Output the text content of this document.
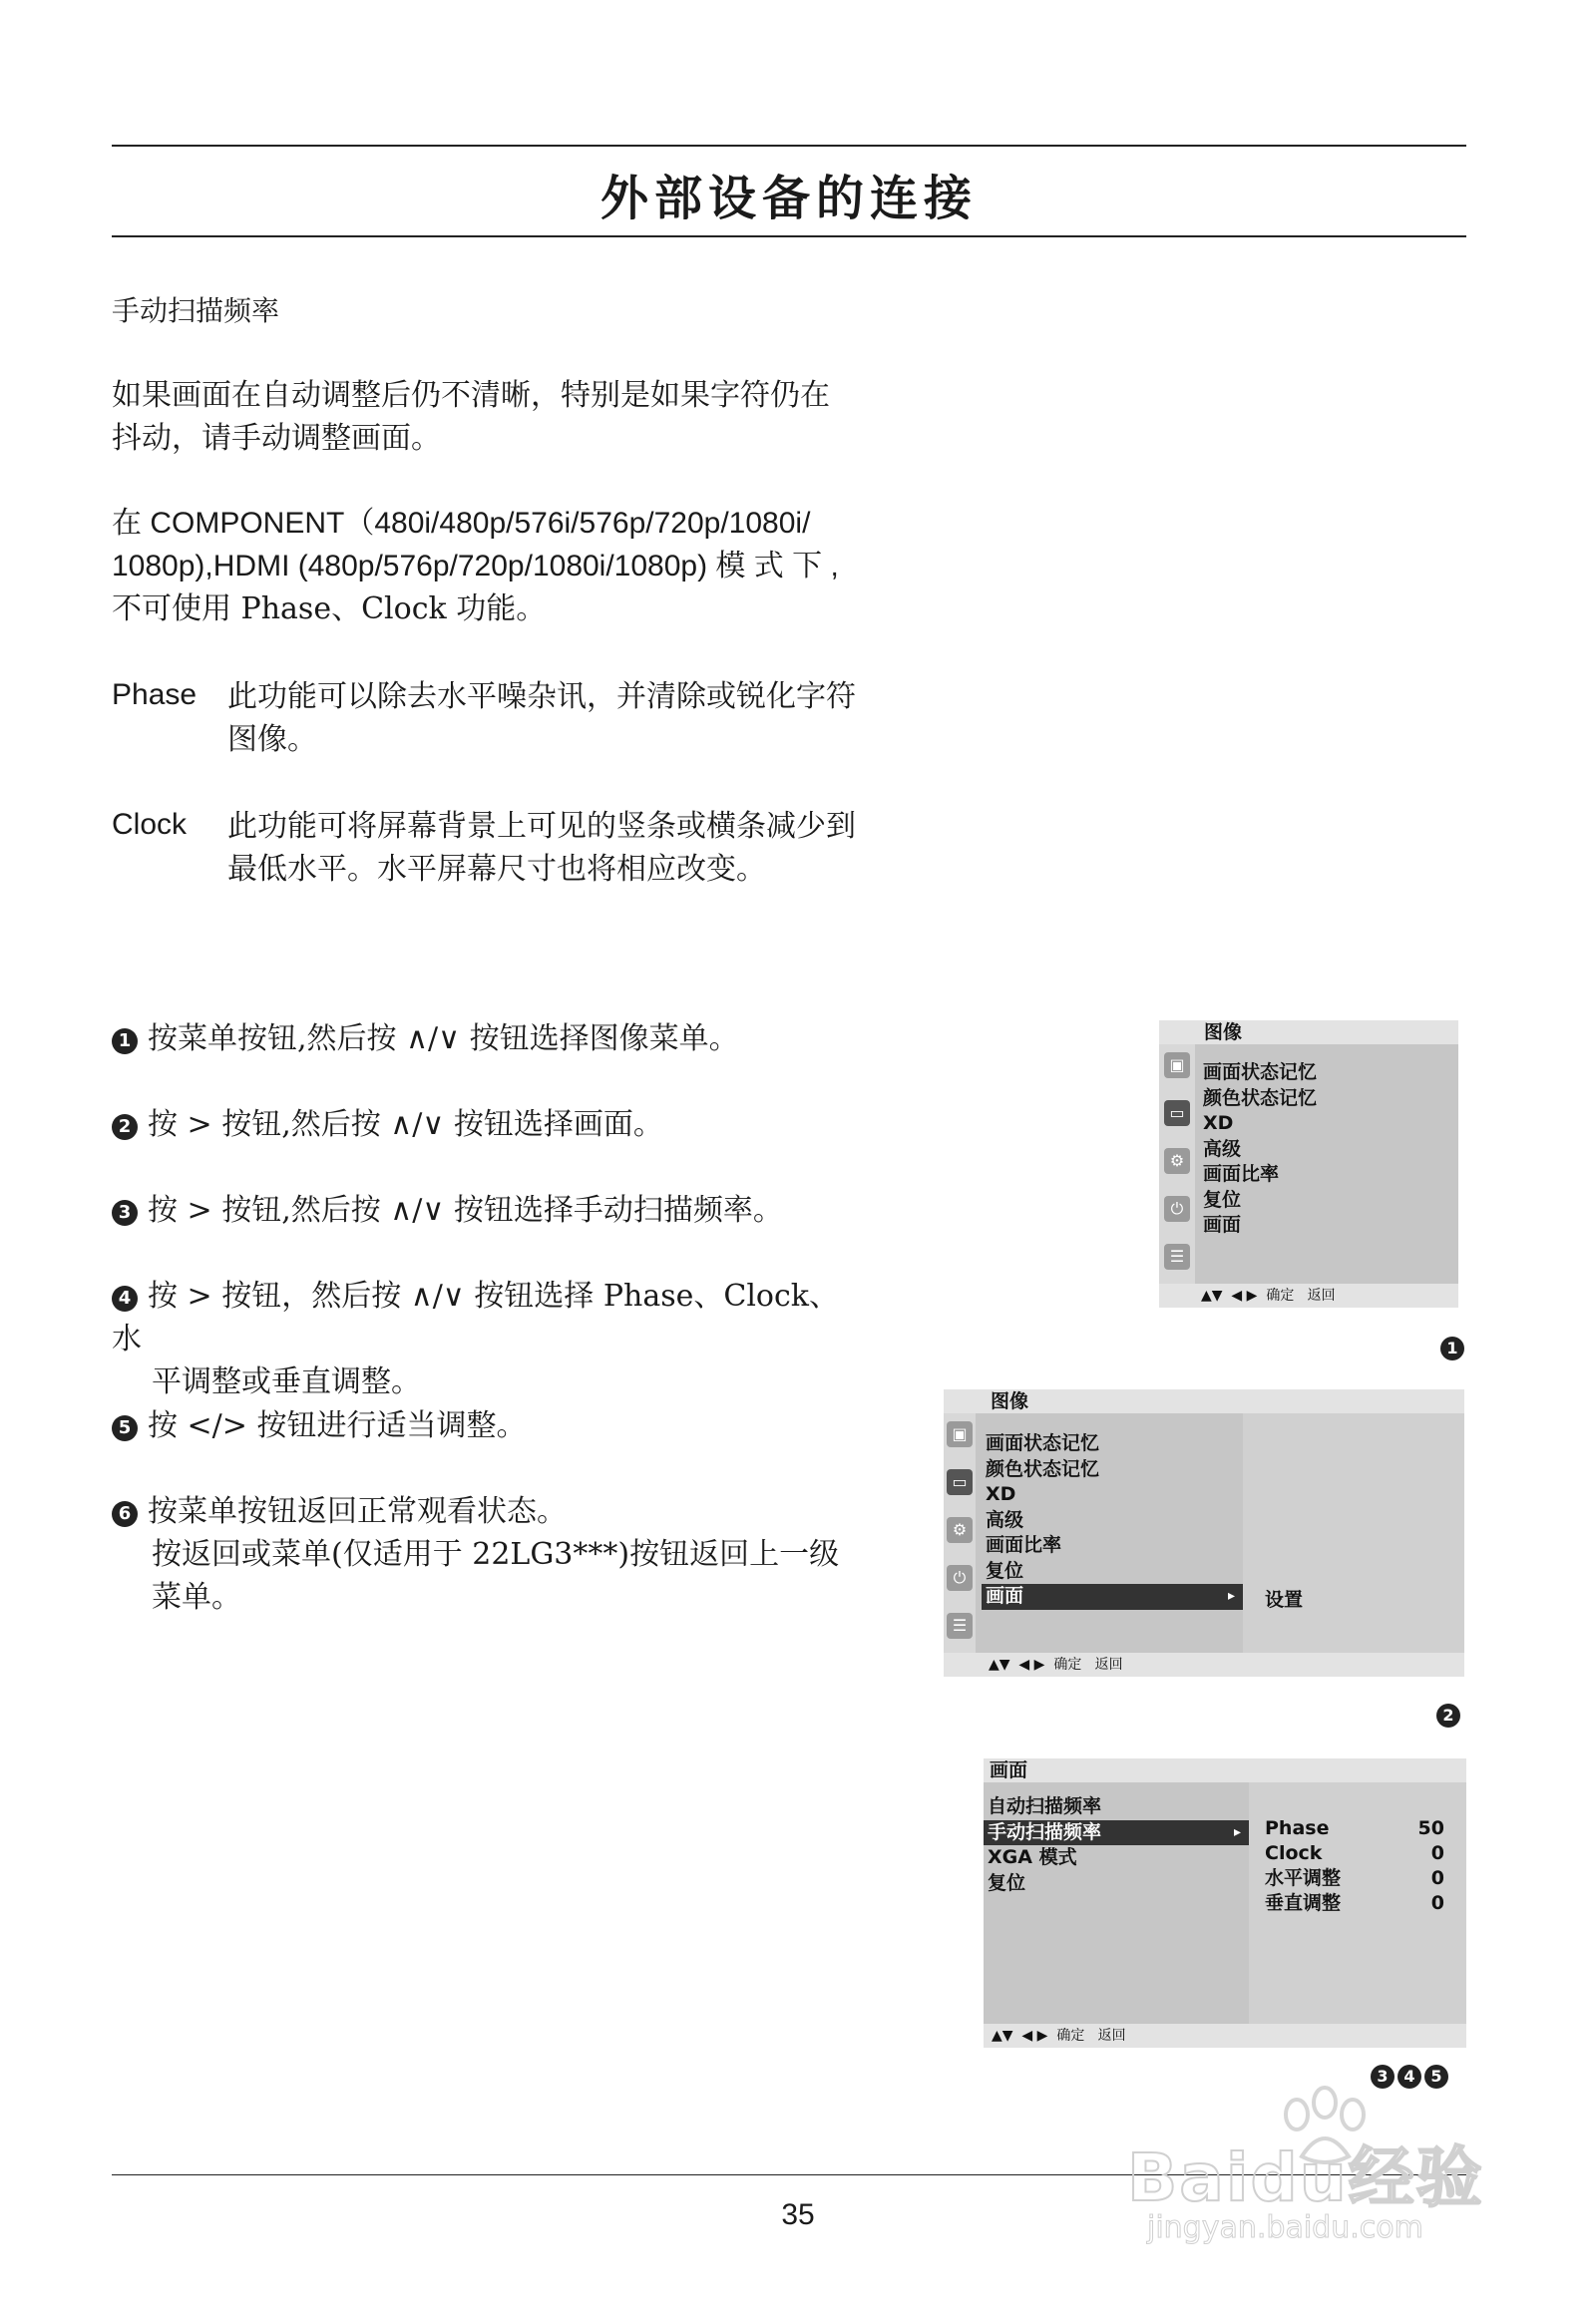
外部设备的连接
手动扫描频率
如果画面在自动调整后仍不清晰，特别是如果字符仍在抖动，请手动调整画面。
在 COMPONENT（480i/480p/576i/576p/720p/1080i/
1080p),HDMI (480p/576p/720p/1080i/1080p) 模 式 下 ,
不可使用 Phase、Clock 功能。
Phase 此功能可以除去水平噪杂讯，并清除或锐化字符图像。
Clock 此功能可将屏幕背景上可见的竖条或横条减少到最低水平。水平屏幕尺寸也将相应改变。
1 按菜单按钮,然后按 ∧/∨ 按钮选择图像菜单。
2 按 > 按钮,然后按 ∧/∨ 按钮选择画面。
3 按 > 按钮,然后按 ∧/∨ 按钮选择手动扫描频率。
4 按 > 按钮，然后按 ∧/∨ 按钮选择 Phase、Clock、水
平调整或垂直调整。
5 按 </> 按钮进行适当调整。
6 按菜单按钮返回正常观看状态。
按返回或菜单(仅适用于 22LG3***)按钮返回上一级
菜单。
图像
▣
▭
⚙
⏻
☰
画面状态记忆
颜色状态记忆
XD
高级
画面比率
复位
画面
▲▼  ◀ ▶  确定   返回
1
图像
▣
▭
⚙
⏻
☰
设置
画面状态记忆
颜色状态记忆
XD
高级
画面比率
复位
画面 ▸
▲▼  ◀ ▶  确定   返回
2
画面
自动扫描频率
手动扫描频率 ▸
XGA 模式
复位
Phase	50
Clock	0
水平调整	0
垂直调整	0
▲▼  ◀ ▶  确定   返回
3 4 5
35	Baidu经验
jingyan.baidu.com
